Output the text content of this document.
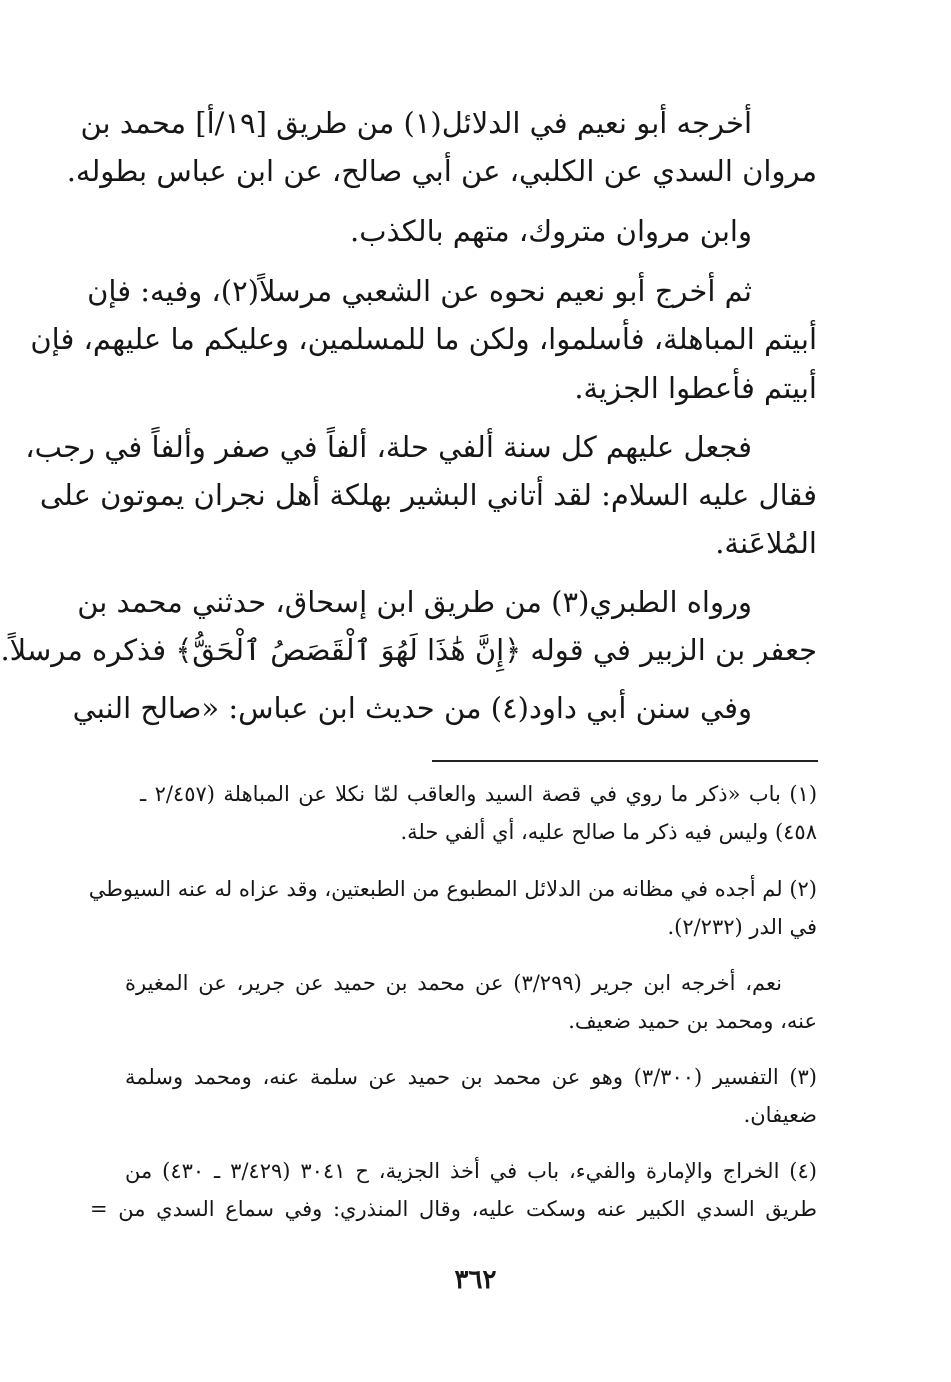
أخرجه أبو نعيم في الدلائل(١) من طريق [١٩/أ] محمد بن
مروان السدي عن الكلبي، عن أبي صالح، عن ابن عباس بطوله.
وابن مروان متروك، متهم بالكذب.
ثم أخرج أبو نعيم نحوه عن الشعبي مرسلاً(٢)، وفيه: فإن
أبيتم المباهلة، فأسلموا، ولكن ما للمسلمين، وعليكم ما عليهم، فإن
أبيتم فأعطوا الجزية.
فجعل عليهم كل سنة ألفي حلة، ألفاً في صفر وألفاً في رجب،
فقال عليه السلام: لقد أتاني البشير بهلكة أهل نجران يموتون على
المُلاعَنة.
ورواه الطبري(٣) من طريق ابن إسحاق، حدثني محمد بن
جعفر بن الزبير في قوله ﴿إِنَّ هَٰذَا لَهُوَ ٱلْقَصَصُ ٱلْحَقُّ﴾ فذكره مرسلاً.
وفي سنن أبي داود(٤) من حديث ابن عباس: «صالح النبي
(١) باب «ذكر ما روي في قصة السيد والعاقب لمّا نكلا عن المباهلة (٢/٤٥٧ ـ
٤٥٨) وليس فيه ذكر ما صالح عليه، أي ألفي حلة.
(٢) لم أجده في مظانه من الدلائل المطبوع من الطبعتين، وقد عزاه له عنه السيوطي
في الدر (٢/٢٣٢).
نعم، أخرجه ابن جرير (٣/٢٩٩) عن محمد بن حميد عن جرير، عن المغيرة
عنه، ومحمد بن حميد ضعيف.
(٣) التفسير (٣/٣٠٠) وهو عن محمد بن حميد عن سلمة عنه، ومحمد وسلمة
ضعيفان.
(٤) الخراج والإمارة والفيء، باب في أخذ الجزية، ح ٣٠٤١ (٣/٤٢٩ ـ ٤٣٠) من
طريق السدي الكبير عنه وسكت عليه، وقال المنذري: وفي سماع السدي من =
٣٦٢
